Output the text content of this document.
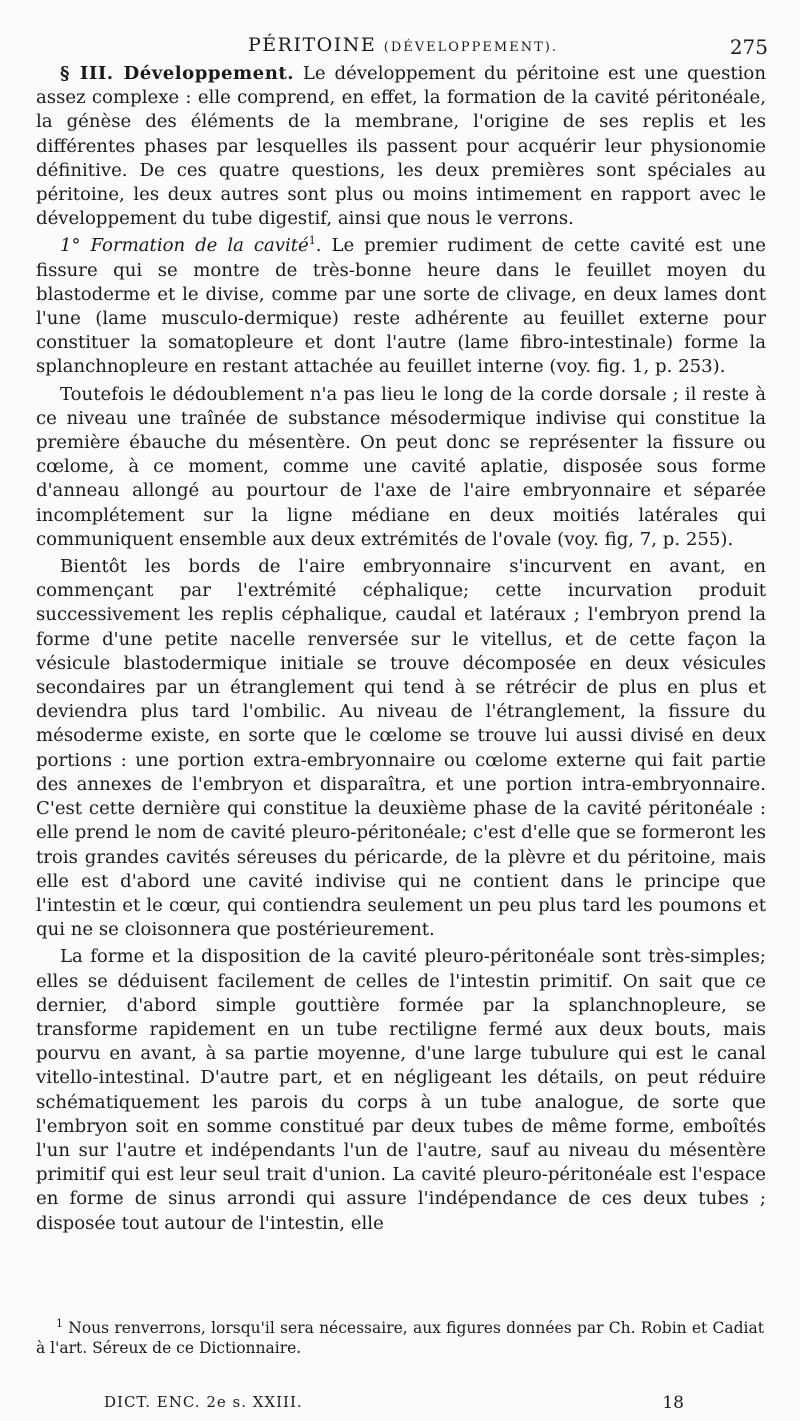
PÉRITOINE (DÉVELOPPEMENT).	275

§ III. Développement. Le développement du péritoine est une question assez complexe : elle comprend, en effet, la formation de la cavité péritonéale, la génèse des éléments de la membrane, l'origine de ses replis et les différentes phases par lesquelles ils passent pour acquérir leur physionomie définitive. De ces quatre questions, les deux premières sont spéciales au péritoine, les deux autres sont plus ou moins intimement en rapport avec le développement du tube digestif, ainsi que nous le verrons.

1° Formation de la cavité$^1$. Le premier rudiment de cette cavité est une fissure qui se montre de très-bonne heure dans le feuillet moyen du blastoderme et le divise, comme par une sorte de clivage, en deux lames dont l'une (lame musculo-dermique) reste adhérente au feuillet externe pour constituer la somatopleure et dont l'autre (lame fibro-intestinale) forme la splanchnopleure en restant attachée au feuillet interne (voy. fig. 1, p. 253).

Toutefois le dédoublement n'a pas lieu le long de la corde dorsale ; il reste à ce niveau une traînée de substance mésodermique indivise qui constitue la première ébauche du mésentère. On peut donc se représenter la fissure ou cœlome, à ce moment, comme une cavité aplatie, disposée sous forme d'anneau allongé au pourtour de l'axe de l'aire embryonnaire et séparée incomplétement sur la ligne médiane en deux moitiés latérales qui communiquent ensemble aux deux extrémités de l'ovale (voy. fig, 7, p. 255).

Bientôt les bords de l'aire embryonnaire s'incurvent en avant, en commençant par l'extrémité céphalique; cette incurvation produit successivement les replis céphalique, caudal et latéraux ; l'embryon prend la forme d'une petite nacelle renversée sur le vitellus, et de cette façon la vésicule blastodermique initiale se trouve décomposée en deux vésicules secondaires par un étranglement qui tend à se rétrécir de plus en plus et deviendra plus tard l'ombilic. Au niveau de l'étranglement, la fissure du mésoderme existe, en sorte que le cœlome se trouve lui aussi divisé en deux portions : une portion extra-embryonnaire ou cœlome externe qui fait partie des annexes de l'embryon et disparaîtra, et une portion intra-embryonnaire. C'est cette dernière qui constitue la deuxième phase de la cavité péritonéale : elle prend le nom de cavité pleuro-péritonéale; c'est d'elle que se formeront les trois grandes cavités séreuses du péricarde, de la plèvre et du péritoine, mais elle est d'abord une cavité indivise qui ne contient dans le principe que l'intestin et le cœur, qui contiendra seulement un peu plus tard les poumons et qui ne se cloisonnera que postérieurement.

La forme et la disposition de la cavité pleuro-péritonéale sont très-simples; elles se déduisent facilement de celles de l'intestin primitif. On sait que ce dernier, d'abord simple gouttière formée par la splanchnopleure, se transforme rapidement en un tube rectiligne fermé aux deux bouts, mais pourvu en avant, à sa partie moyenne, d'une large tubulure qui est le canal vitello-intestinal. D'autre part, et en négligeant les détails, on peut réduire schématiquement les parois du corps à un tube analogue, de sorte que l'embryon soit en somme constitué par deux tubes de même forme, emboîtés l'un sur l'autre et indépendants l'un de l'autre, sauf au niveau du mésentère primitif qui est leur seul trait d'union. La cavité pleuro-péritonéale est l'espace en forme de sinus arrondi qui assure l'indépendance de ces deux tubes ; disposée tout autour de l'intestin, elle

$^1$ Nous renverrons, lorsqu'il sera nécessaire, aux figures données par Ch. Robin et Cadiat à l'art. Séreux de ce Dictionnaire.

DICT. ENC. 2e s. XXIII.	18
